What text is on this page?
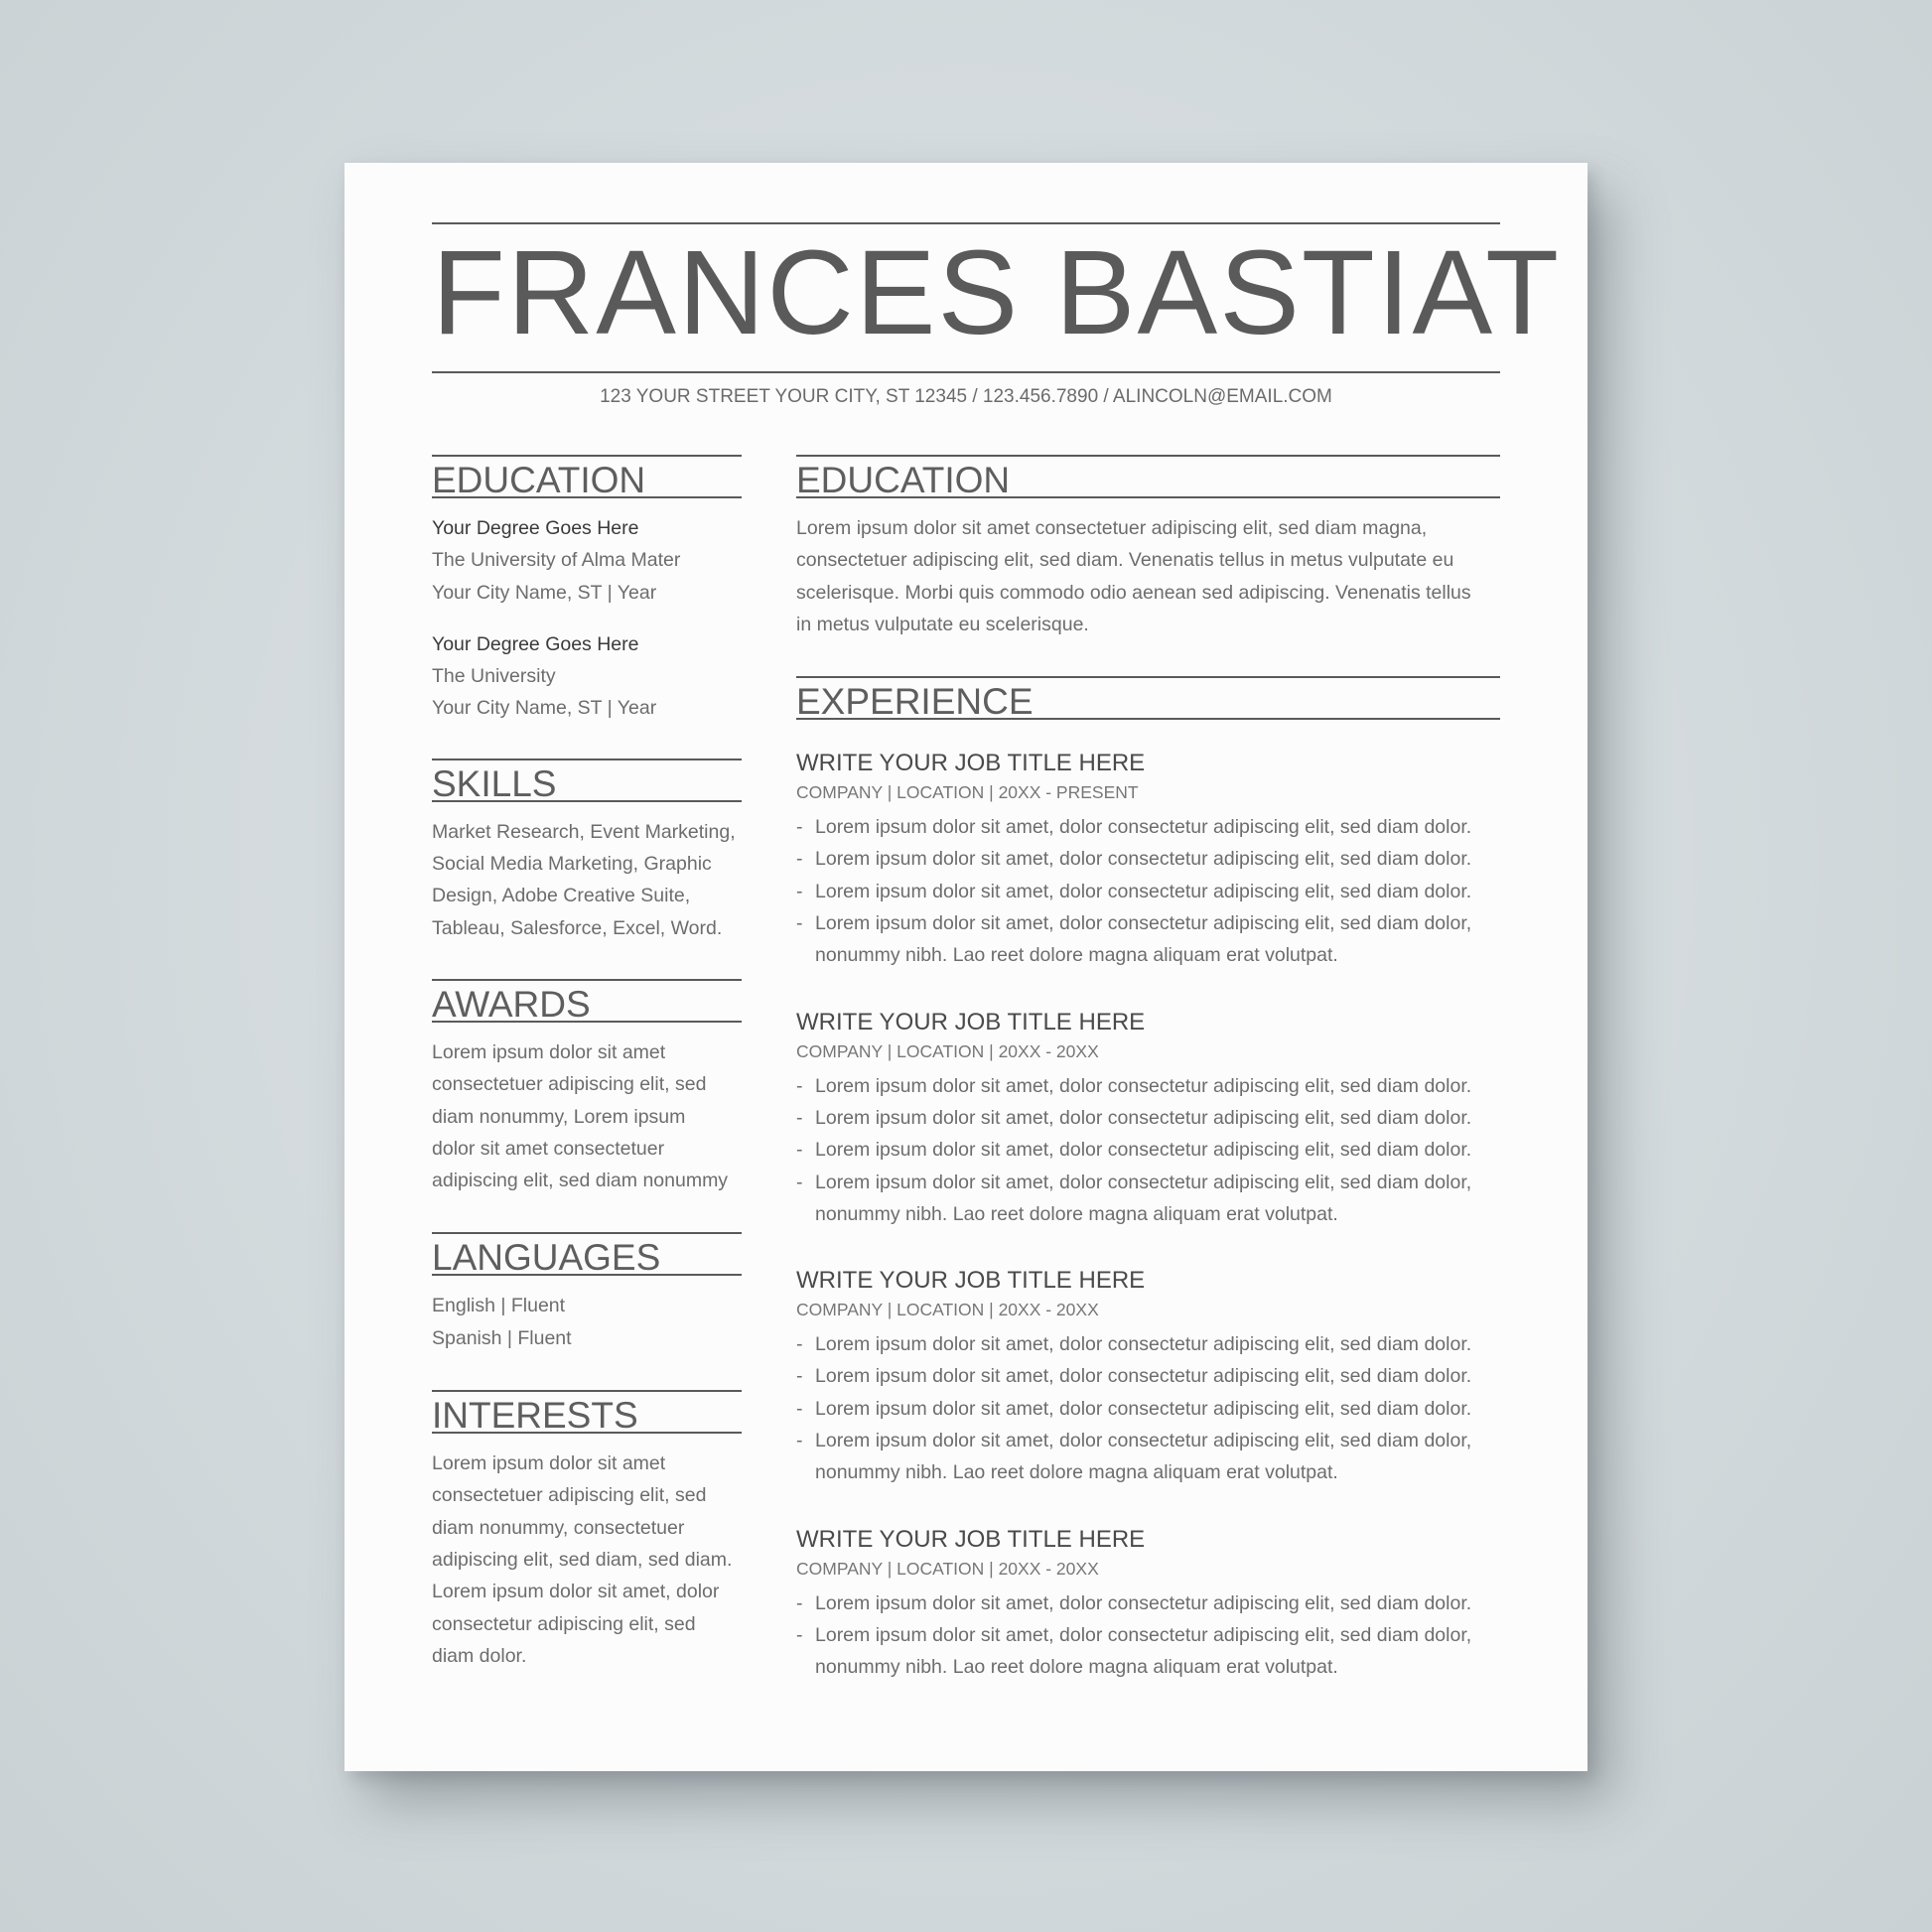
FRANCES BASTIAT
123 YOUR STREET YOUR CITY, ST 12345 / 123.456.7890 / ALINCOLN@EMAIL.COM
EDUCATION
Your Degree Goes Here
The University of Alma Mater
Your City Name, ST | Year
Your Degree Goes Here
The University
Your City Name, ST | Year
SKILLS
Market Research, Event Marketing,
Social Media Marketing, Graphic
Design, Adobe Creative Suite,
Tableau, Salesforce, Excel, Word.
AWARDS
Lorem ipsum dolor sit amet
consectetuer adipiscing elit, sed
diam nonummy, Lorem ipsum
dolor sit amet consectetuer
adipiscing elit, sed diam nonummy
LANGUAGES
English | Fluent
Spanish | Fluent
INTERESTS
Lorem ipsum dolor sit amet
consectetuer adipiscing elit, sed
diam nonummy, consectetuer
adipiscing elit, sed diam, sed diam.
Lorem ipsum dolor sit amet, dolor
consectetur adipiscing elit, sed
diam dolor.
EDUCATION
Lorem ipsum dolor sit amet consectetuer adipiscing elit, sed diam magna,
consectetuer adipiscing elit, sed diam. Venenatis tellus in metus vulputate eu
scelerisque. Morbi quis commodo odio aenean sed adipiscing. Venenatis tellus
in metus vulputate eu scelerisque.
EXPERIENCE
WRITE YOUR JOB TITLE HERE
COMPANY | LOCATION | 20XX - PRESENT
- Lorem ipsum dolor sit amet, dolor consectetur adipiscing elit, sed diam dolor.
- Lorem ipsum dolor sit amet, dolor consectetur adipiscing elit, sed diam dolor.
- Lorem ipsum dolor sit amet, dolor consectetur adipiscing elit, sed diam dolor.
- Lorem ipsum dolor sit amet, dolor consectetur adipiscing elit, sed diam dolor,
nonummy nibh. Lao reet dolore magna aliquam erat volutpat.
WRITE YOUR JOB TITLE HERE
COMPANY | LOCATION | 20XX - 20XX
- Lorem ipsum dolor sit amet, dolor consectetur adipiscing elit, sed diam dolor.
- Lorem ipsum dolor sit amet, dolor consectetur adipiscing elit, sed diam dolor.
- Lorem ipsum dolor sit amet, dolor consectetur adipiscing elit, sed diam dolor.
- Lorem ipsum dolor sit amet, dolor consectetur adipiscing elit, sed diam dolor,
nonummy nibh. Lao reet dolore magna aliquam erat volutpat.
WRITE YOUR JOB TITLE HERE
COMPANY | LOCATION | 20XX - 20XX
- Lorem ipsum dolor sit amet, dolor consectetur adipiscing elit, sed diam dolor.
- Lorem ipsum dolor sit amet, dolor consectetur adipiscing elit, sed diam dolor.
- Lorem ipsum dolor sit amet, dolor consectetur adipiscing elit, sed diam dolor.
- Lorem ipsum dolor sit amet, dolor consectetur adipiscing elit, sed diam dolor,
nonummy nibh. Lao reet dolore magna aliquam erat volutpat.
WRITE YOUR JOB TITLE HERE
COMPANY | LOCATION | 20XX - 20XX
- Lorem ipsum dolor sit amet, dolor consectetur adipiscing elit, sed diam dolor.
- Lorem ipsum dolor sit amet, dolor consectetur adipiscing elit, sed diam dolor,
nonummy nibh. Lao reet dolore magna aliquam erat volutpat.
